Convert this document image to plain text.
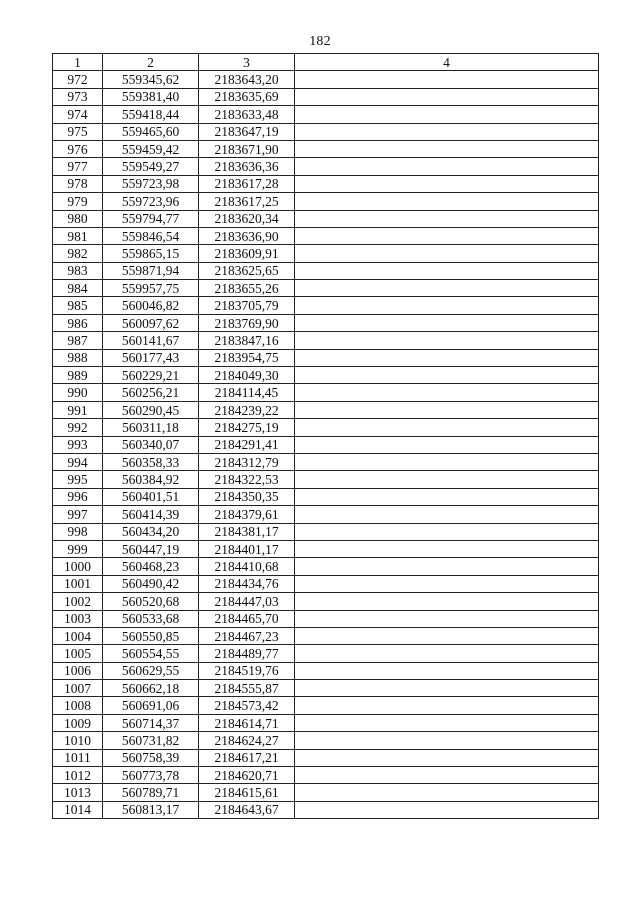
182
1	2	3	4
972	559345,62	2183643,20	
973	559381,40	2183635,69	
974	559418,44	2183633,48	
975	559465,60	2183647,19	
976	559459,42	2183671,90	
977	559549,27	2183636,36	
978	559723,98	2183617,28	
979	559723,96	2183617,25	
980	559794,77	2183620,34	
981	559846,54	2183636,90	
982	559865,15	2183609,91	
983	559871,94	2183625,65	
984	559957,75	2183655,26	
985	560046,82	2183705,79	
986	560097,62	2183769,90	
987	560141,67	2183847,16	
988	560177,43	2183954,75	
989	560229,21	2184049,30	
990	560256,21	2184114,45	
991	560290,45	2184239,22	
992	560311,18	2184275,19	
993	560340,07	2184291,41	
994	560358,33	2184312,79	
995	560384,92	2184322,53	
996	560401,51	2184350,35	
997	560414,39	2184379,61	
998	560434,20	2184381,17	
999	560447,19	2184401,17	
1000	560468,23	2184410,68	
1001	560490,42	2184434,76	
1002	560520,68	2184447,03	
1003	560533,68	2184465,70	
1004	560550,85	2184467,23	
1005	560554,55	2184489,77	
1006	560629,55	2184519,76	
1007	560662,18	2184555,87	
1008	560691,06	2184573,42	
1009	560714,37	2184614,71	
1010	560731,82	2184624,27	
1011	560758,39	2184617,21	
1012	560773,78	2184620,71	
1013	560789,71	2184615,61	
1014	560813,17	2184643,67	
